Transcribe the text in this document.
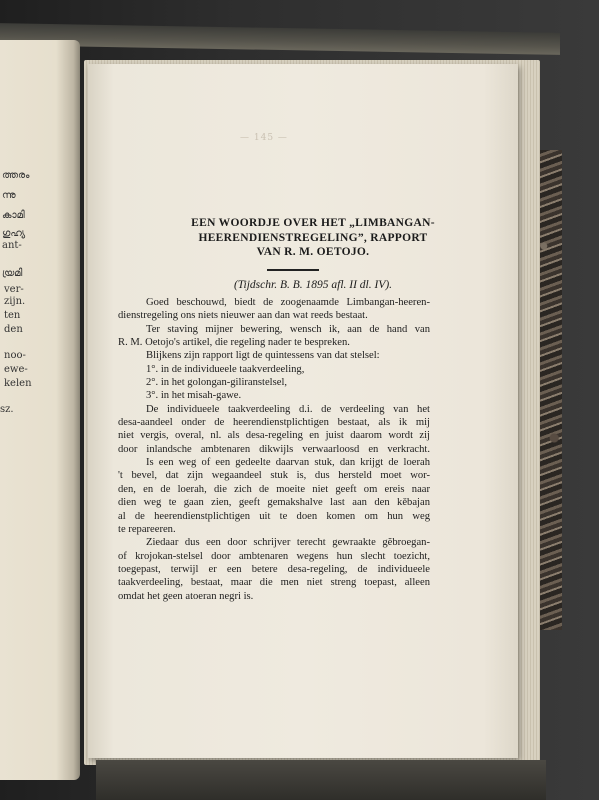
ത്തരം
ന്നു
കാമി
ഗുഹ്യ
ant-
യ്രമി
ver-
zijn.
ten
den
noo-
ewe-
kelen
sz.
— 145 —
EEN WOORDJE OVER HET „LIMBANGAN-
HEERENDIENSTREGELING”, RAPPORT
VAN R. M. OETOJO.
(Tijdschr. B. B. 1895 afl. II dl. IV).
Goed beschouwd, biedt de zoogenaamde Limbangan-heeren-
dienstregeling ons niets nieuwer aan dan wat reeds bestaat.
Ter staving mijner bewering, wensch ik, aan de hand van
R. M. Oetojo's artikel, die regeling nader te bespreken.
Blijkens zijn rapport ligt de quintessens van dat stelsel:
1°. in de individueele taakverdeeling,
2°. in het golongan-giliranstelsel,
3°. in het misah-gawe.
De individueele taakverdeeling d.i. de verdeeling van het
desa-aandeel onder de heerendienstplichtigen bestaat, als ik mij
niet vergis, overal, nl. als desa-regeling en juist daarom wordt zij
door inlandsche ambtenaren dikwijls verwaarloosd en verkracht.
Is een weg of een gedeelte daarvan stuk, dan krijgt de loerah
't bevel, dat zijn wegaandeel stuk is, dus hersteld moet wor-
den, en de loerah, die zich de moeite niet geeft om ereis naar
dien weg te gaan zien, geeft gemakshalve last aan den kěbajan
al de heerendienstplichtigen uit te doen komen om hun weg
te repareeren.
Ziedaar dus een door schrijver terecht gewraakte gĕbroegan-
of krojokan-stelsel door ambtenaren wegens hun slecht toezicht,
toegepast, terwijl er een betere desa-regeling, de individueele
taakverdeeling, bestaat, maar die men niet streng toepast, alleen
omdat het geen atoeran negri is.
